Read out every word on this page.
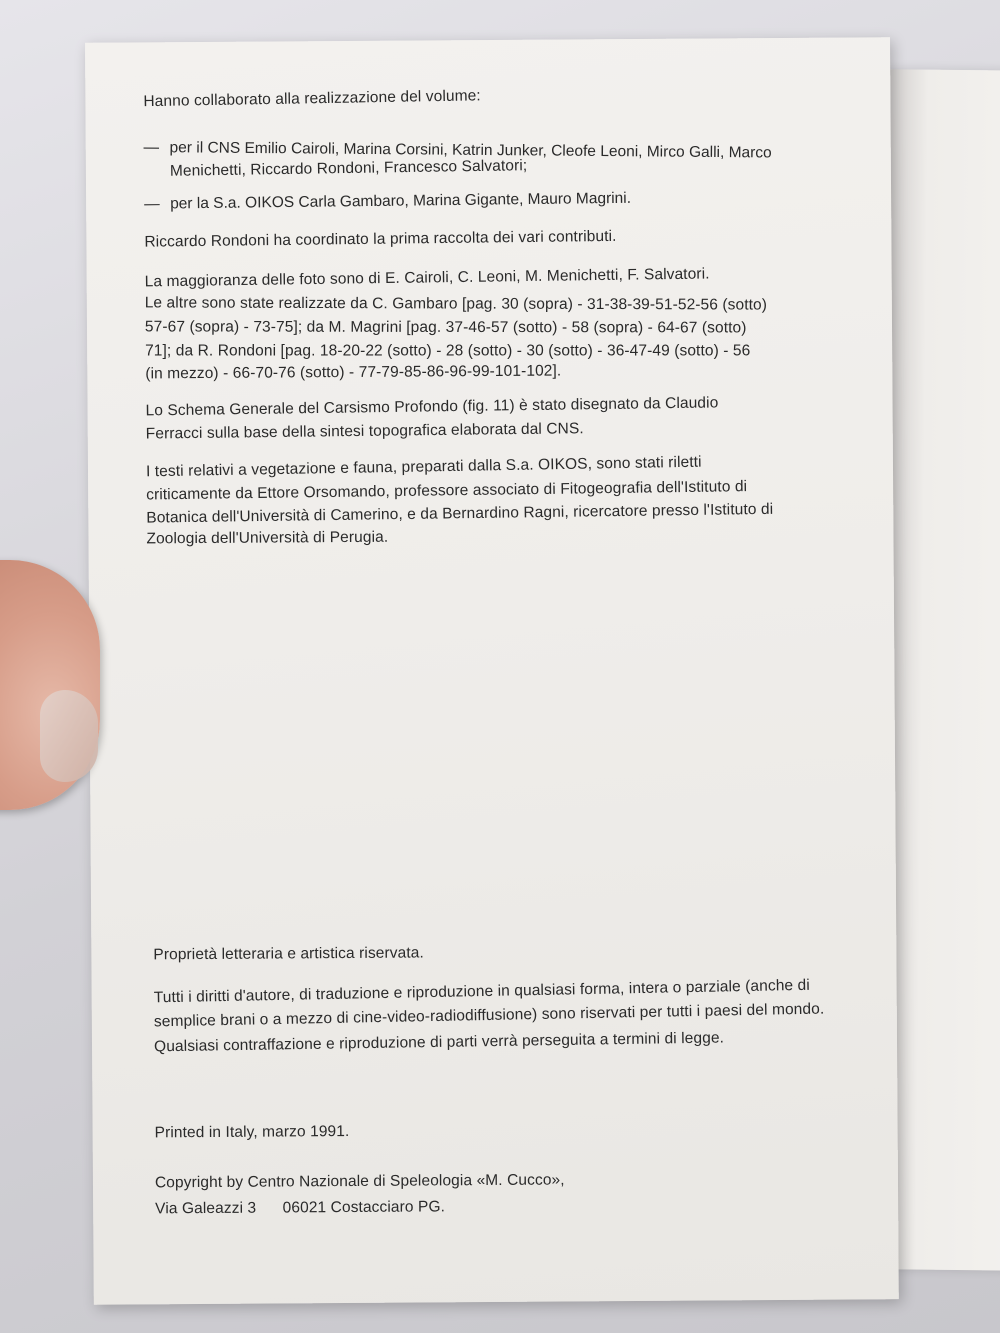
Hanno collaborato alla realizzazione del volume:
— per il CNS Emilio Cairoli, Marina Corsini, Katrin Junker, Cleofe Leoni, Mirco Galli, Marco
Menichetti, Riccardo Rondoni, Francesco Salvatori;
— per la S.a. OIKOS Carla Gambaro, Marina Gigante, Mauro Magrini.
Riccardo Rondoni ha coordinato la prima raccolta dei vari contributi.
La maggioranza delle foto sono di E. Cairoli, C. Leoni, M. Menichetti, F. Salvatori.
Le altre sono state realizzate da C. Gambaro [pag. 30 (sopra) - 31-38-39-51-52-56 (sotto)
57-67 (sopra) - 73-75]; da M. Magrini [pag. 37-46-57 (sotto) - 58 (sopra) - 64-67 (sotto)
71]; da R. Rondoni [pag. 18-20-22 (sotto) - 28 (sotto) - 30 (sotto) - 36-47-49 (sotto) - 56
(in mezzo) - 66-70-76 (sotto) - 77-79-85-86-96-99-101-102].
Lo Schema Generale del Carsismo Profondo (fig. 11) è stato disegnato da Claudio
Ferracci sulla base della sintesi topografica elaborata dal CNS.
I testi relativi a vegetazione e fauna, preparati dalla S.a. OIKOS, sono stati riletti
criticamente da Ettore Orsomando, professore associato di Fitogeografia dell'Istituto di
Botanica dell'Università di Camerino, e da Bernardino Ragni, ricercatore presso l'Istituto di
Zoologia dell'Università di Perugia.
Proprietà letteraria e artistica riservata.
Tutti i diritti d'autore, di traduzione e riproduzione in qualsiasi forma, intera o parziale (anche di
semplice brani o a mezzo di cine-video-radiodiffusione) sono riservati per tutti i paesi del mondo.
Qualsiasi contraffazione e riproduzione di parti verrà perseguita a termini di legge.
Printed in Italy, marzo 1991.
Copyright by Centro Nazionale di Speleologia «M. Cucco»,
Via Galeazzi 3      06021 Costacciaro PG.
